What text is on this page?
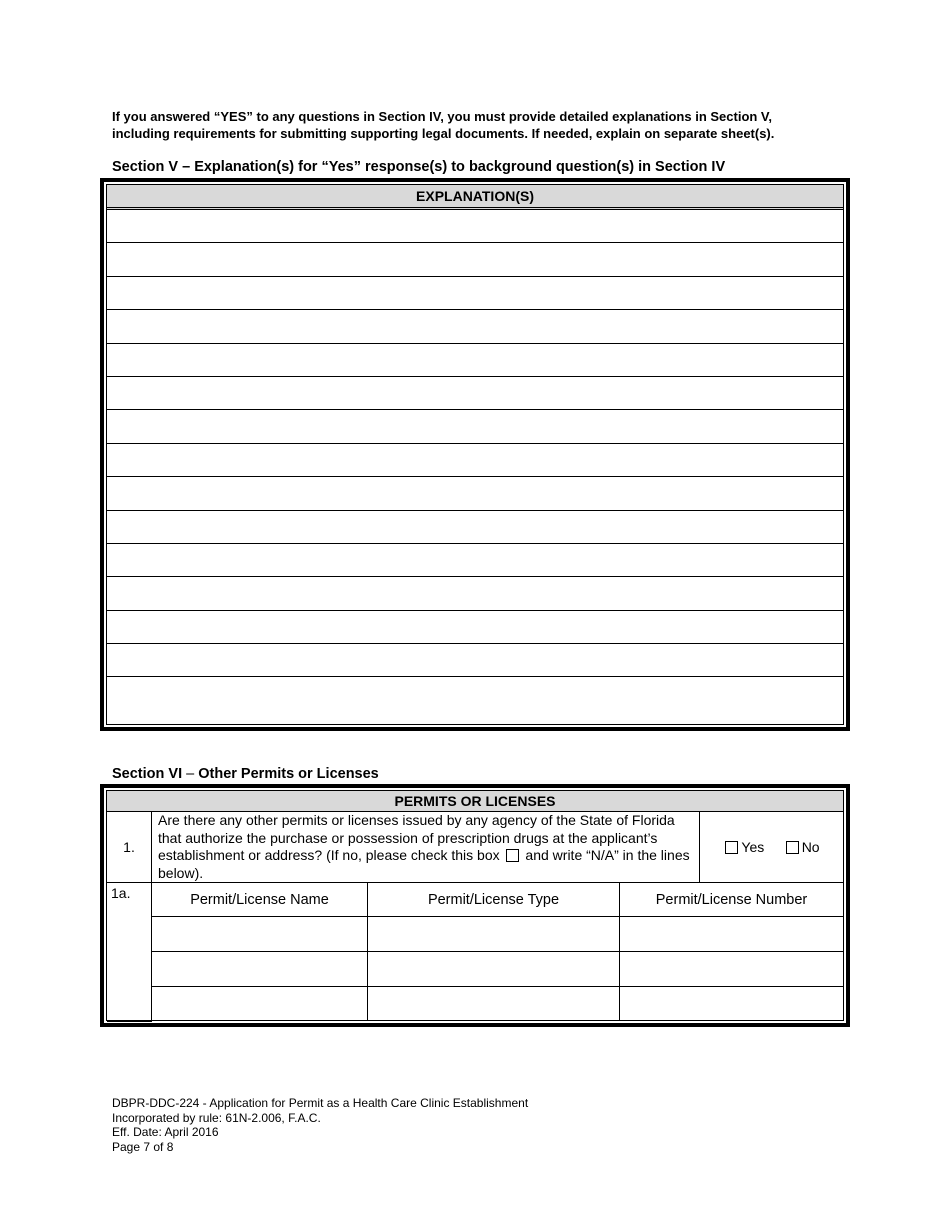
If you answered “YES” to any questions in Section IV, you must provide detailed explanations in Section V,
including requirements for submitting supporting legal documents. If needed, explain on separate sheet(s).
Section V – Explanation(s) for “Yes” response(s) to background question(s) in Section IV
EXPLANATION(S)
Section VI – Other Permits or Licenses
PERMITS OR LICENSES
1.	Are there any other permits or licenses issued by any agency of the State of Florida that authorize the purchase or possession of prescription drugs at the applicant’s establishment or address? (If no, please check this box and write “N/A” in the lines below).			Yes No
1a.	Permit/License Name	Permit/License Type	Permit/License Number	

DBPR-DDC-224 - Application for Permit as a Health Care Clinic Establishment
Incorporated by rule: 61N-2.006, F.A.C.
Eff. Date: April 2016
Page 7 of 8
